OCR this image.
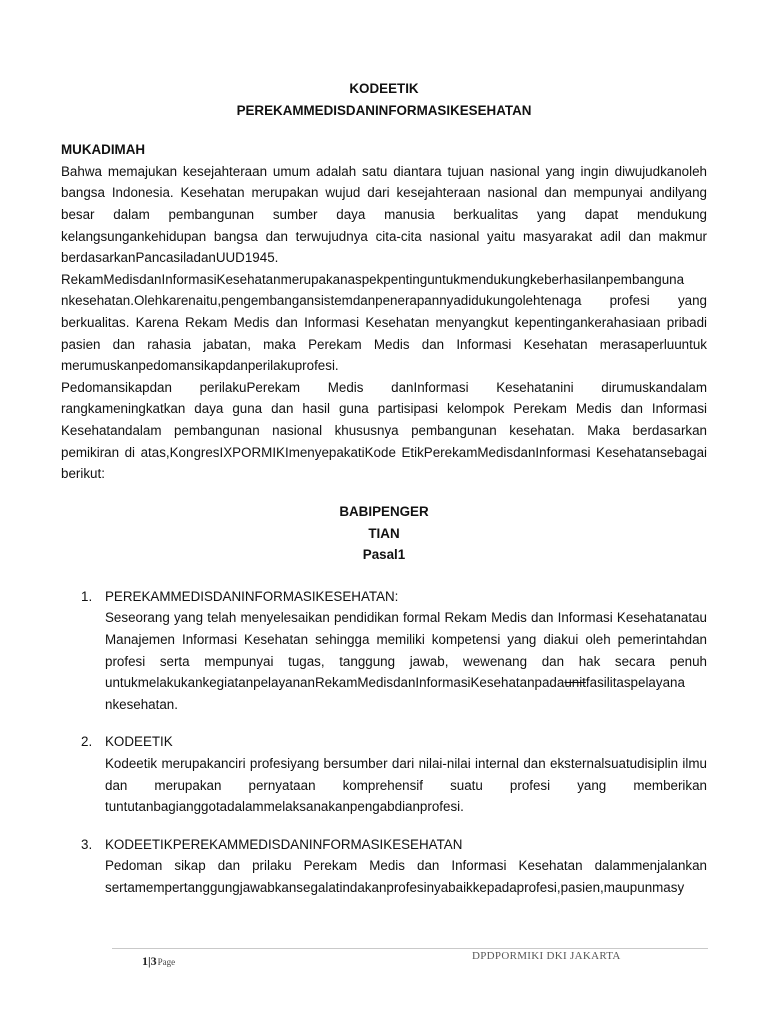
KODEETIK
PEREKAMMEDISDANINFORMASIKESEHATAN
MUKADIMAH

Bahwa memajukan kesejahteraan umum adalah satu diantara tujuan nasional yang ingin diwujudkanoleh bangsa Indonesia. Kesehatan merupakan wujud dari kesejahteraan nasional dan mempunyai andilyang besar dalam pembangunan sumber daya manusia berkualitas yang dapat mendukung kelangsungankehidupan bangsa dan terwujudnya cita-cita nasional yaitu masyarakat adil dan makmur berdasarkanPancasiladanUUD1945.

RekamMedisdanInformasiKesehatanmerupakanaspekpentinguntukmendukungkeberhasilanpembanguna nkesehatan.Olehkarenaitu,pengembangansistemdanpenerapannyadidukungolehtenaga profesi yang berkualitas. Karena Rekam Medis dan Informasi Kesehatan menyangkut kepentingankerahasiaan pribadi pasien dan rahasia jabatan, maka Perekam Medis dan Informasi Kesehatan merasaperluuntuk merumuskanpedomansikapdanperilakuprofesi.

Pedomansikapdan perilakuPerekam Medis danInformasi Kesehatanini dirumuskandalam rangkameningkatkan daya guna dan hasil guna partisipasi kelompok Perekam Medis dan Informasi Kesehatandalam pembangunan nasional khususnya pembangunan kesehatan. Maka berdasarkan pemikiran di atas,KongresIXPORMIKImenyepakatiKode EtikPerekamMedisdanInformasi Kesehatansebagai berikut:

BABIPENGER
TIAN
Pasal1
1. PEREKAMMEDISDANINFORMASIKESEHATAN:

Seseorang yang telah menyelesaikan pendidikan formal Rekam Medis dan Informasi Kesehatanatau Manajemen Informasi Kesehatan sehingga memiliki kompetensi yang diakui oleh pemerintahdan profesi serta mempunyai tugas, tanggung jawab, wewenang dan hak secara penuh untukmelakukankegiatanpelayananRekamMedisdanInformasiKesehatanpadaunitfasilitaspelayana nkesehatan.

2. KODEETIK

Kodeetik merupakanciri profesiyang bersumber dari nilai-nilai internal dan eksternalsuatudisiplin ilmu dan merupakan pernyataan komprehensif suatu profesi yang memberikan tuntutanbagianggotadalammelaksanakanpengabdianprofesi.

3. KODEETIKPEREKAMMEDISDANINFORMASIKESEHATAN

Pedoman sikap dan prilaku Perekam Medis dan Informasi Kesehatan dalammenjalankan sertamempertanggungjawabkansegalatindakanprofesinyabaikkepadaprofesi,pasien,maupunmasy

1|3Page	DPDPORMIKI DKI JAKARTA
